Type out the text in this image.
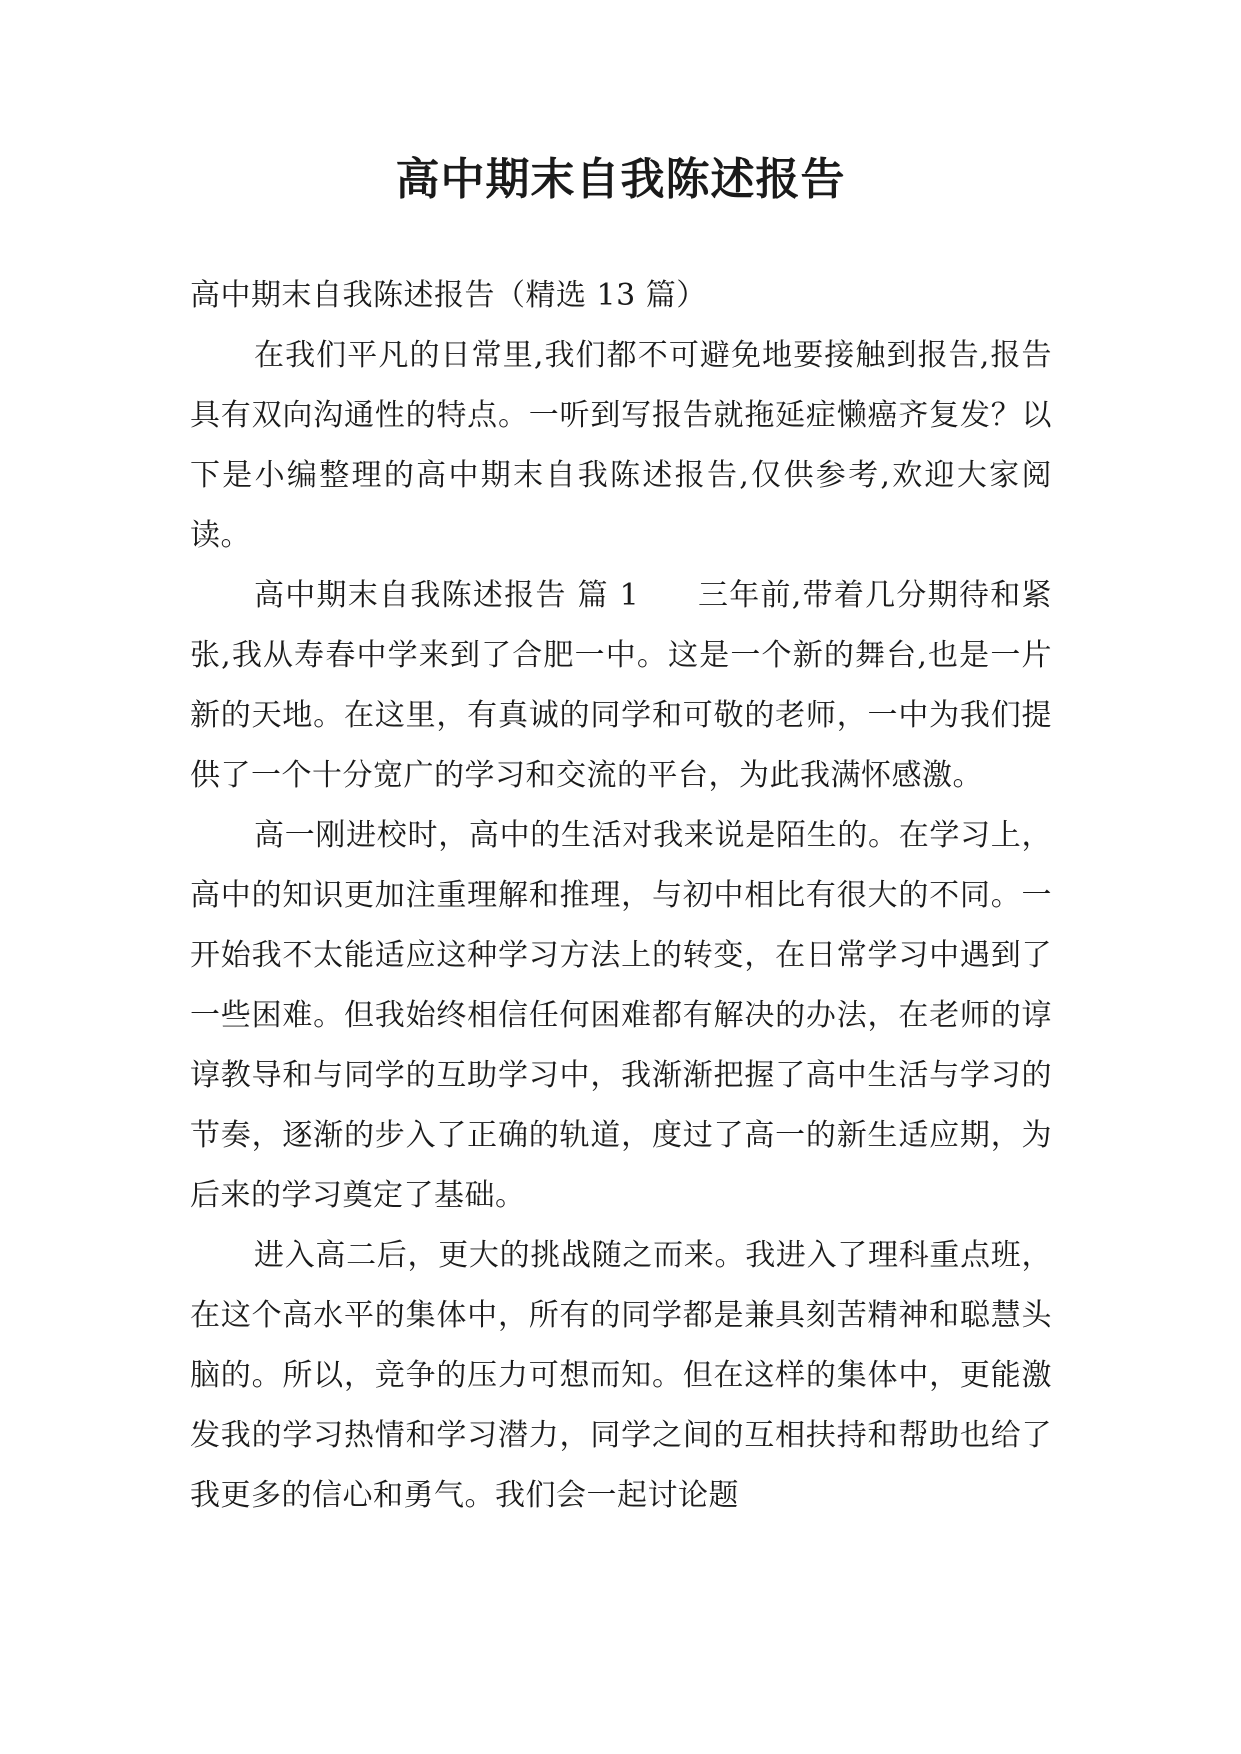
高中期末自我陈述报告

高中期末自我陈述报告（精选 13 篇）

在我们平凡的日常里,我们都不可避免地要接触到报告,报告具有双向沟通性的特点。一听到写报告就拖延症懒癌齐复发？以下是小编整理的高中期末自我陈述报告,仅供参考,欢迎大家阅读。

高中期末自我陈述报告 篇 1 三年前,带着几分期待和紧张,我从寿春中学来到了合肥一中。这是一个新的舞台,也是一片新的天地。在这里，有真诚的同学和可敬的老师，一中为我们提供了一个十分宽广的学习和交流的平台，为此我满怀感激。

高一刚进校时，高中的生活对我来说是陌生的。在学习上，高中的知识更加注重理解和推理，与初中相比有很大的不同。一开始我不太能适应这种学习方法上的转变，在日常学习中遇到了一些困难。但我始终相信任何困难都有解决的办法，在老师的谆谆教导和与同学的互助学习中，我渐渐把握了高中生活与学习的节奏，逐渐的步入了正确的轨道，度过了高一的新生适应期，为后来的学习奠定了基础。

进入高二后，更大的挑战随之而来。我进入了理科重点班，在这个高水平的集体中，所有的同学都是兼具刻苦精神和聪慧头脑的。所以，竞争的压力可想而知。但在这样的集体中，更能激发我的学习热情和学习潜力，同学之间的互相扶持和帮助也给了我更多的信心和勇气。我们会一起讨论题
